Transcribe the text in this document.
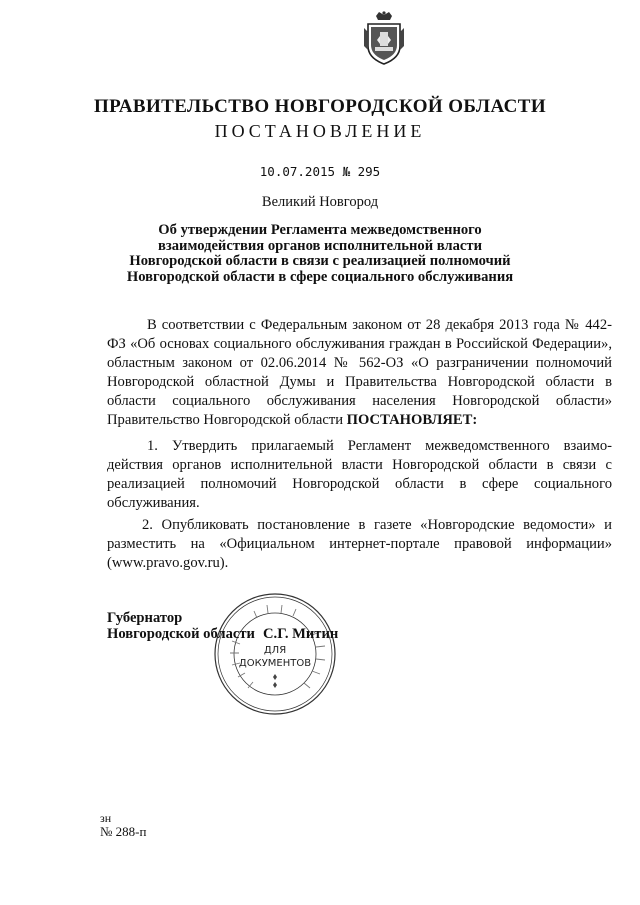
ПРАВИТЕЛЬСТВО НОВГОРОДСКОЙ ОБЛАСТИ
ПОСТАНОВЛЕНИЕ
10.07.2015 № 295
Великий Новгород
Об утверждении Регламента межведомственного взаимодействия органов исполнительной власти Новгородской области в связи с реализацией полномочий Новгородской области в сфере социального обслуживания
В соответствии с Федеральным законом от 28 декабря 2013 года № 442-ФЗ «Об основах социального обслуживания граждан в Российской Федерации», областным законом от 02.06.2014 № 562-ОЗ «О разграничении полномочий Новгородской областной Думы и Правительства Новгородской области в области социального обслуживания населения Новгородской области» Правительство Новгородской области ПОСТАНОВЛЯЕТ:
1. Утвердить прилагаемый Регламент межведомственного взаимо-действия органов исполнительной власти Новгородской области в связи с реализацией полномочий Новгородской области в сфере социального обслуживания.
2. Опубликовать постановление в газете «Новгородские ведомости» и разместить на «Официальном интернет-портале правовой информации» (www.pravo.gov.ru).
ДЛЯ
ДОКУМЕНТОВ
Губернатор
Новгородской области С.Г. Митин
зн
№ 288-п
